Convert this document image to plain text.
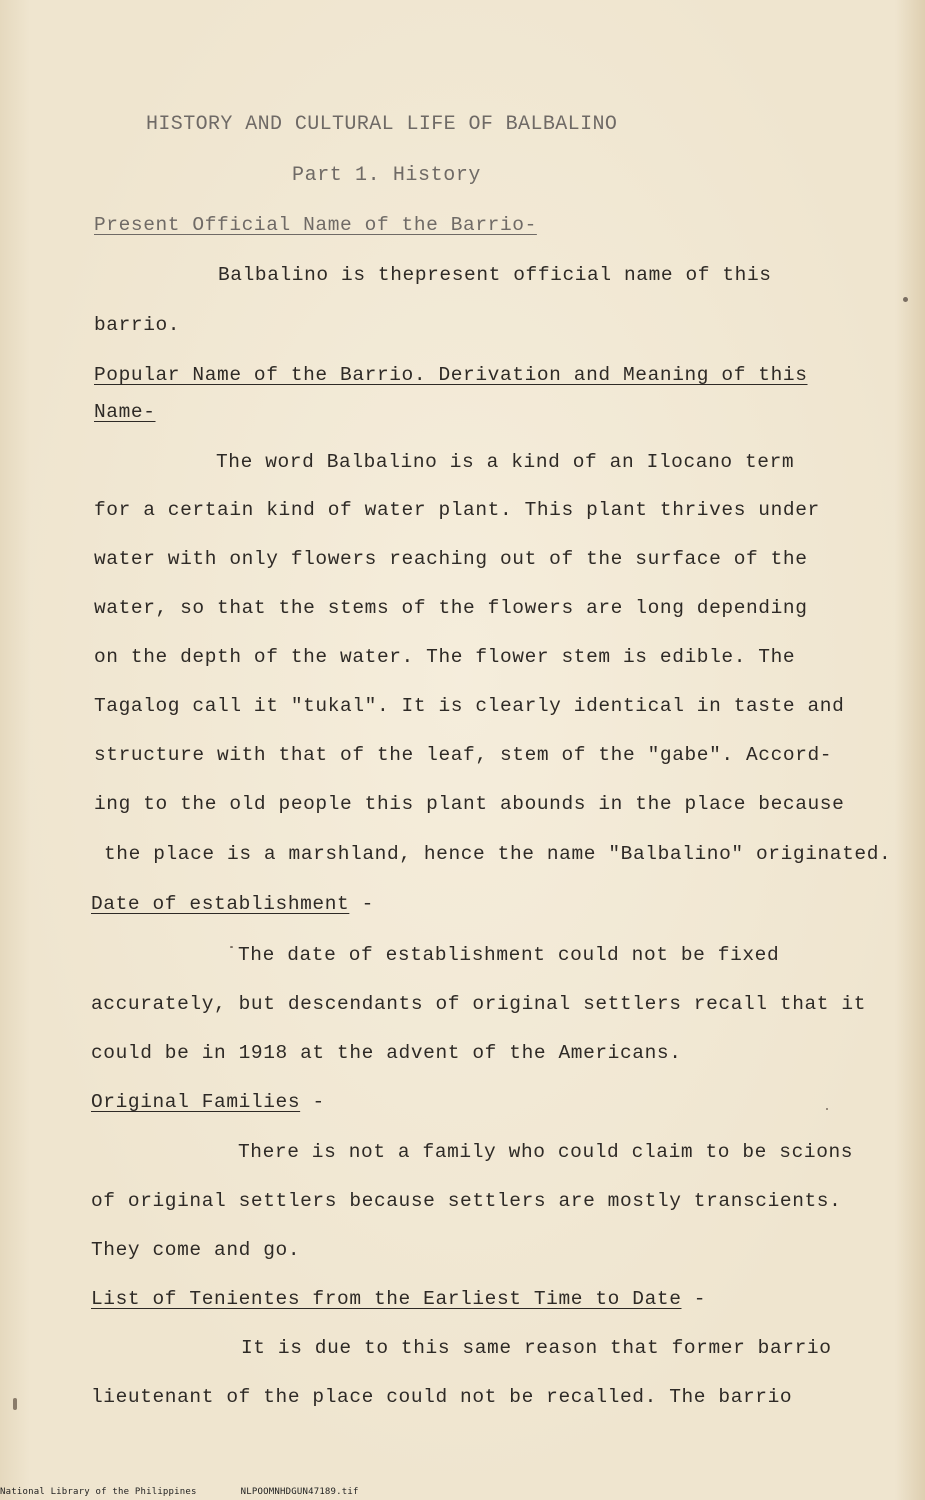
HISTORY AND CULTURAL LIFE OF BALBALINO
Part 1. History
Present Official Name of the Barrio-
Balbalino is thepresent official name of this
barrio.
Popular Name of the Barrio. Derivation and Meaning of this
Name-
The word Balbalino is a kind of an Ilocano term
for a certain kind of water plant. This plant thrives under
water with only flowers reaching out of the surface of the
water, so that the stems of the flowers are long depending
on the depth of the water. The flower stem is edible. The
Tagalog call it "tukal". It is clearly identical in taste and
structure with that of the leaf, stem of the "gabe". Accord-
ing to the old people this plant abounds in the place because
the place is a marshland, hence the name "Balbalino" originated.
Date of establishment -
The date of establishment could not be fixed
accurately, but descendants of original settlers recall that it
could be in 1918 at the advent of the Americans.
Original Families -
There is not a family who could claim to be scions
of original settlers because settlers are mostly transcients.
They come and go.
List of Tenientes from the Earliest Time to Date -
It is due to this same reason that former barrio
lieutenant of the place could not be recalled. The barrio
National Library of the Philippines	NLPOOMNHDGUN47189.tif
